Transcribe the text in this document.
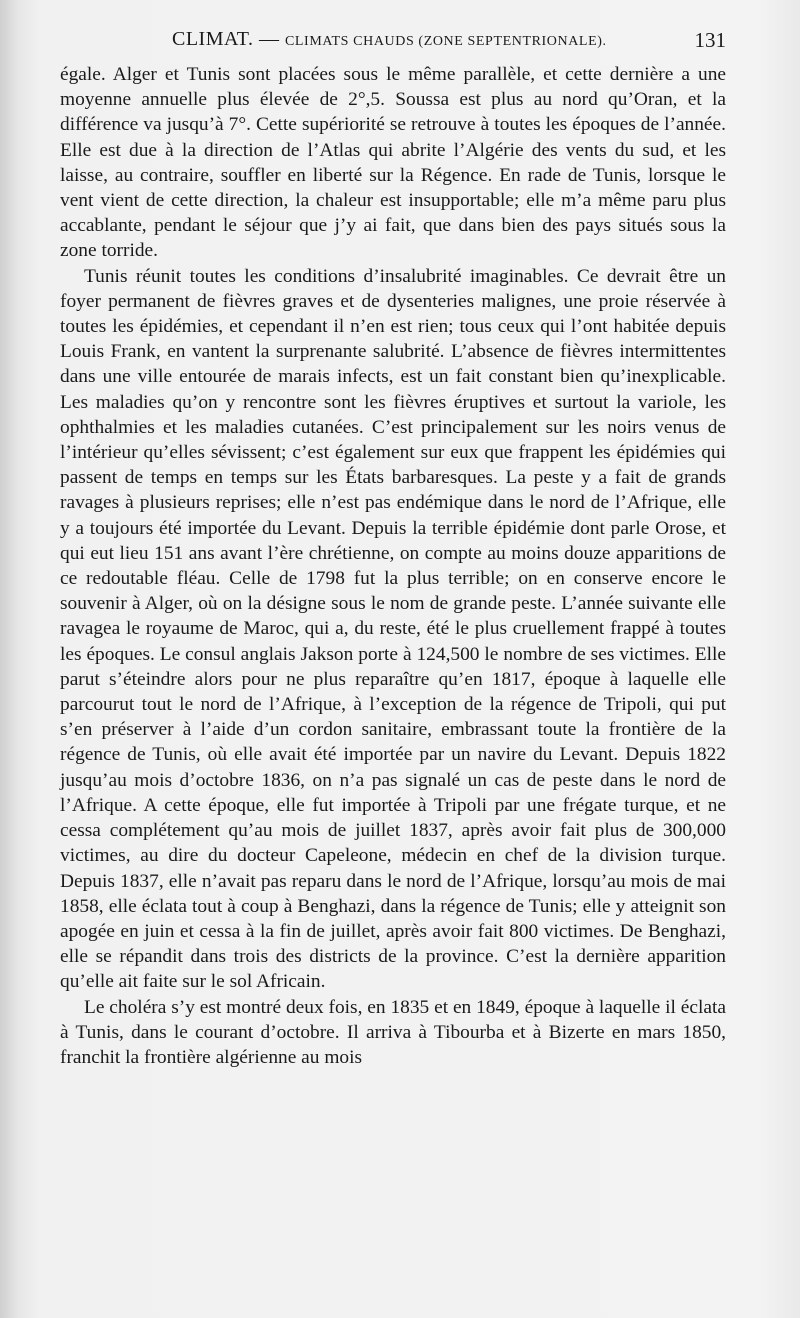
CLIMAT. — CLIMATS CHAUDS (ZONE SEPTENTRIONALE).	131

égale. Alger et Tunis sont placées sous le même parallèle, et cette dernière a une moyenne annuelle plus élevée de 2°,5. Soussa est plus au nord qu’Oran, et la différence va jusqu’à 7°. Cette supériorité se retrouve à toutes les époques de l’année. Elle est due à la direction de l’Atlas qui abrite l’Algérie des vents du sud, et les laisse, au contraire, souffler en liberté sur la Régence. En rade de Tunis, lorsque le vent vient de cette direction, la chaleur est insupportable; elle m’a même paru plus accablante, pendant le séjour que j’y ai fait, que dans bien des pays situés sous la zone torride.

Tunis réunit toutes les conditions d’insalubrité imaginables. Ce devrait être un foyer permanent de fièvres graves et de dysenteries malignes, une proie réservée à toutes les épidémies, et cependant il n’en est rien; tous ceux qui l’ont habitée depuis Louis Frank, en vantent la surprenante salubrité. L’absence de fièvres intermittentes dans une ville entourée de marais infects, est un fait constant bien qu’inexplicable. Les maladies qu’on y rencontre sont les fièvres éruptives et surtout la variole, les ophthalmies et les maladies cutanées. C’est principalement sur les noirs venus de l’intérieur qu’elles sévissent; c’est également sur eux que frappent les épidémies qui passent de temps en temps sur les États barbaresques. La peste y a fait de grands ravages à plusieurs reprises; elle n’est pas endémique dans le nord de l’Afrique, elle y a toujours été importée du Levant. Depuis la terrible épidémie dont parle Orose, et qui eut lieu 151 ans avant l’ère chrétienne, on compte au moins douze apparitions de ce redoutable fléau. Celle de 1798 fut la plus terrible; on en conserve encore le souvenir à Alger, où on la désigne sous le nom de grande peste. L’année suivante elle ravagea le royaume de Maroc, qui a, du reste, été le plus cruellement frappé à toutes les époques. Le consul anglais Jakson porte à 124,500 le nombre de ses victimes. Elle parut s’éteindre alors pour ne plus reparaître qu’en 1817, époque à laquelle elle parcourut tout le nord de l’Afrique, à l’exception de la régence de Tripoli, qui put s’en préserver à l’aide d’un cordon sanitaire, embrassant toute la frontière de la régence de Tunis, où elle avait été importée par un navire du Levant. Depuis 1822 jusqu’au mois d’octobre 1836, on n’a pas signalé un cas de peste dans le nord de l’Afrique. A cette époque, elle fut importée à Tripoli par une frégate turque, et ne cessa complétement qu’au mois de juillet 1837, après avoir fait plus de 300,000 victimes, au dire du docteur Capeleone, médecin en chef de la division turque. Depuis 1837, elle n’avait pas reparu dans le nord de l’Afrique, lorsqu’au mois de mai 1858, elle éclata tout à coup à Benghazi, dans la régence de Tunis; elle y atteignit son apogée en juin et cessa à la fin de juillet, après avoir fait 800 victimes. De Benghazi, elle se répandit dans trois des districts de la province. C’est la dernière apparition qu’elle ait faite sur le sol Africain.

Le choléra s’y est montré deux fois, en 1835 et en 1849, époque à laquelle il éclata à Tunis, dans le courant d’octobre. Il arriva à Tibourba et à Bizerte en mars 1850, franchit la frontière algérienne au mois
